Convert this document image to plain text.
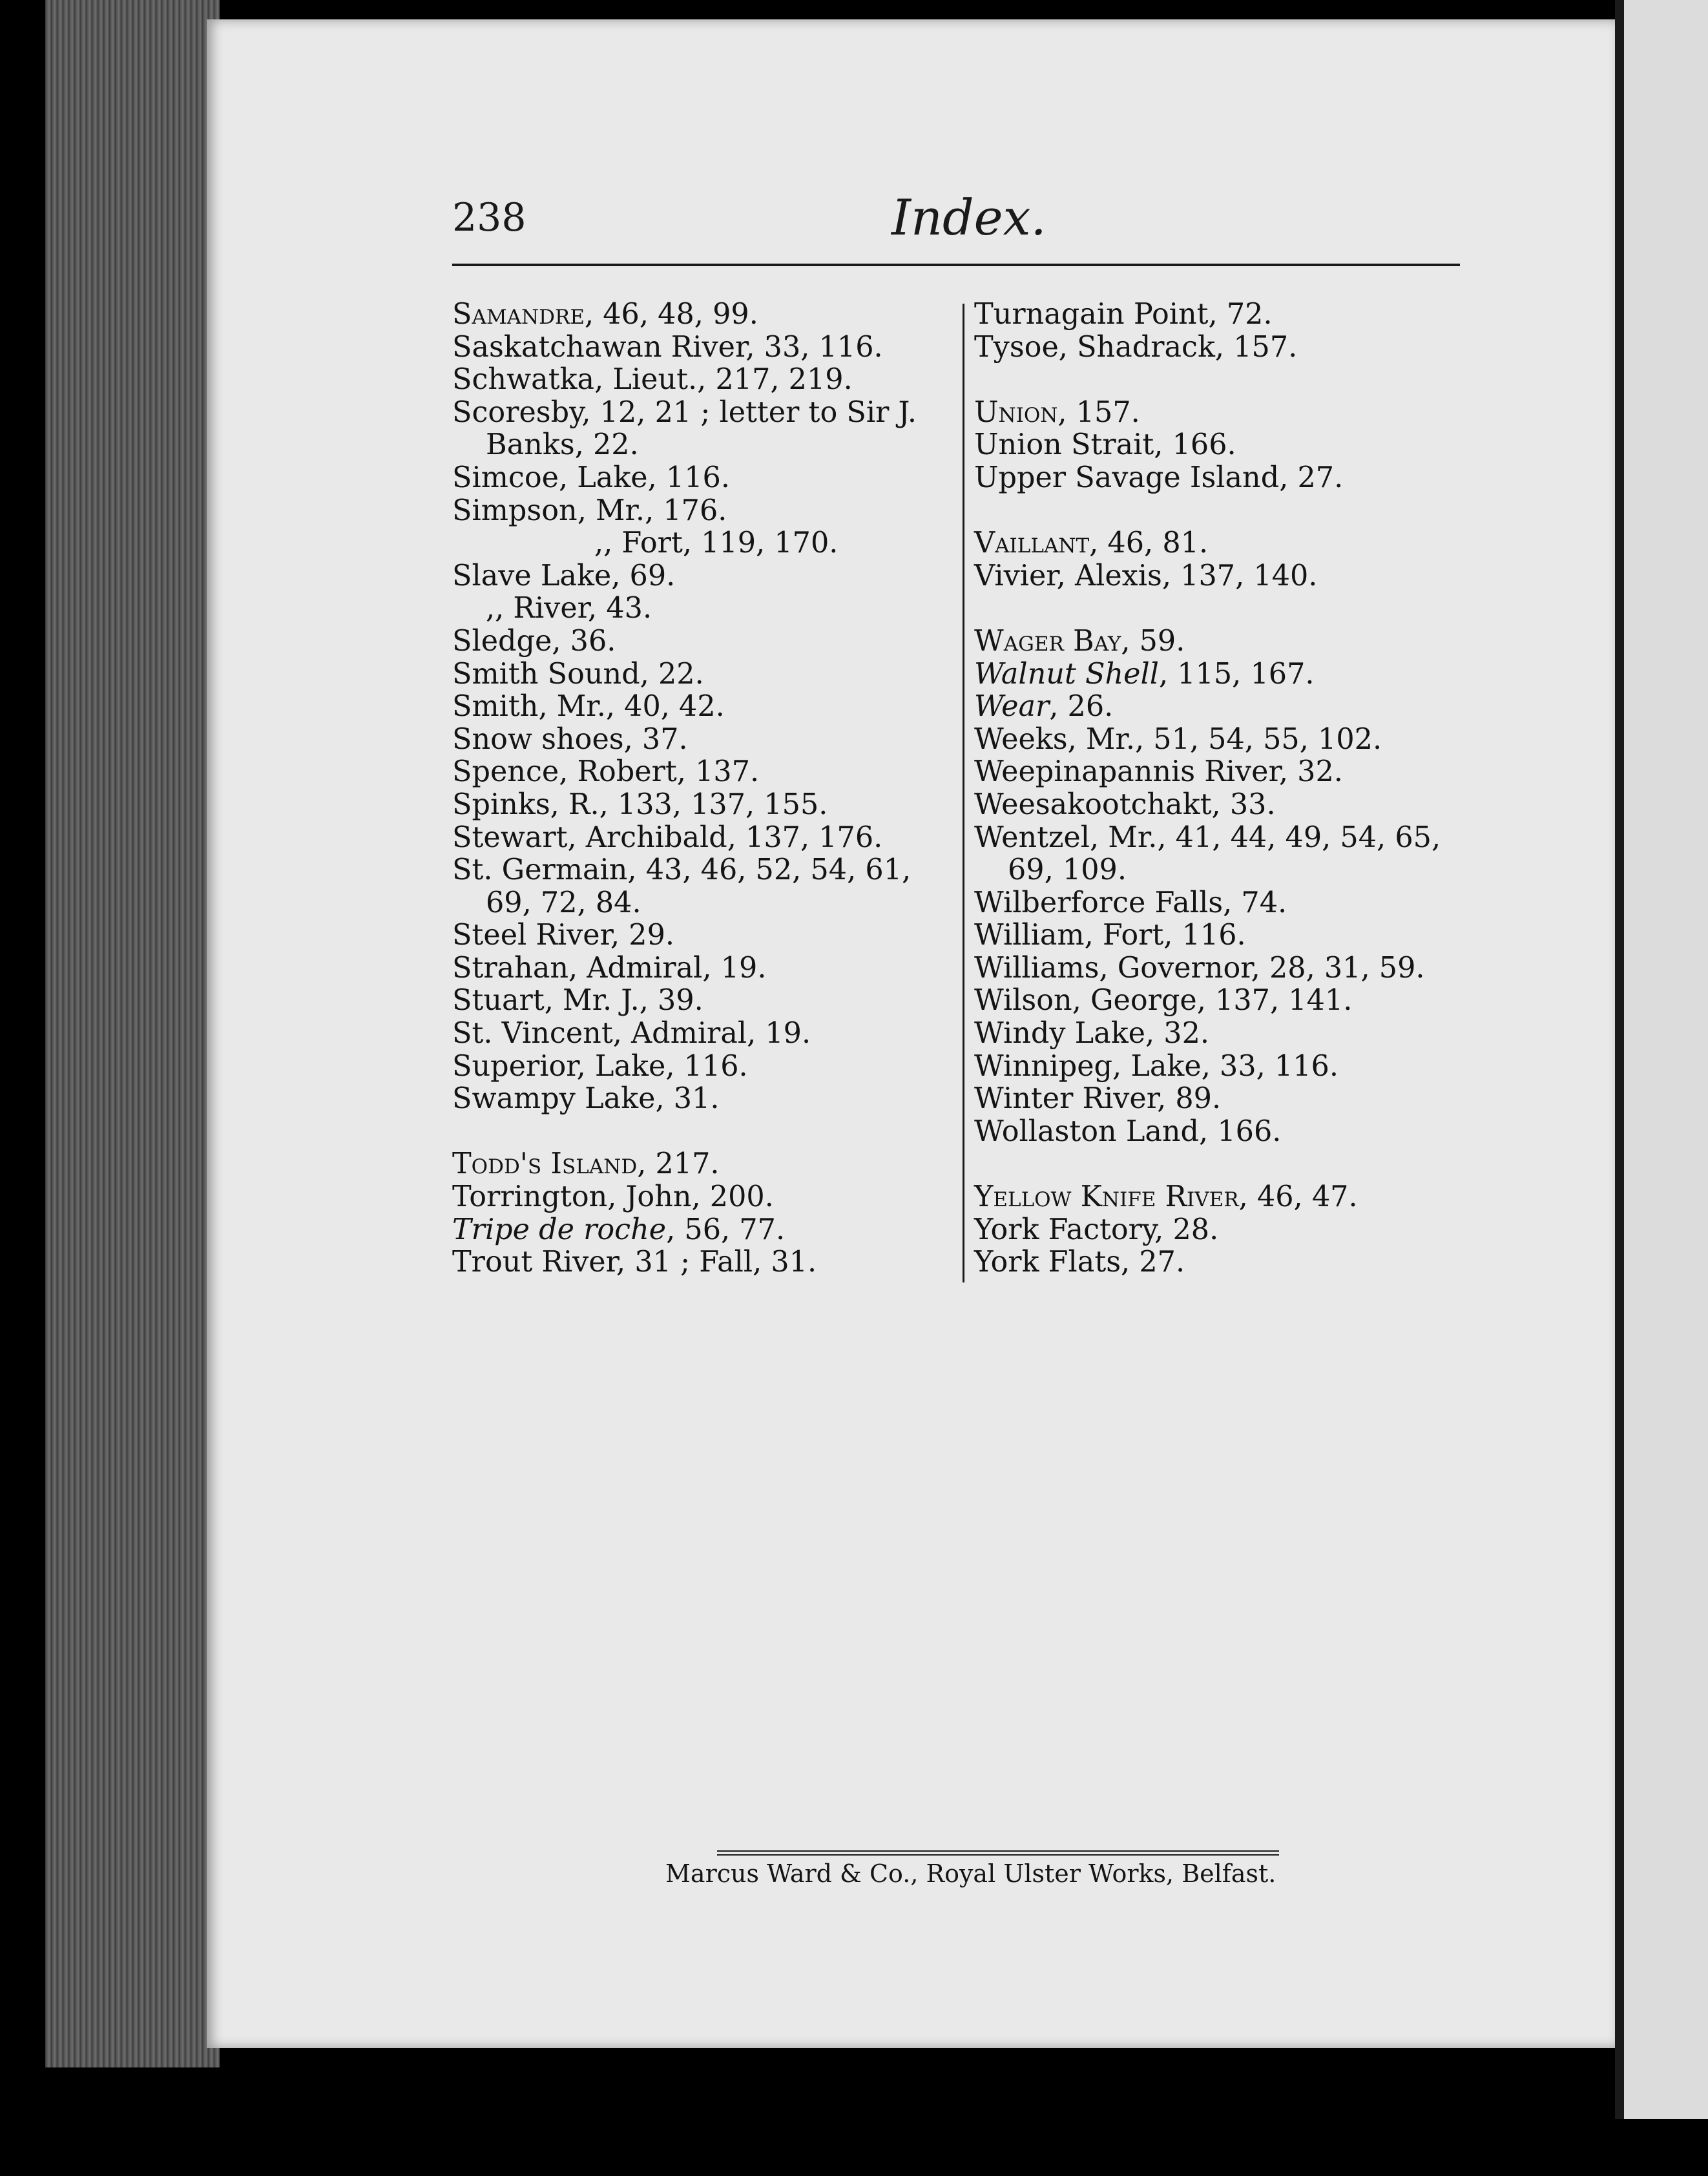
238	Index.
Samandre, 46, 48, 99.
Saskatchawan River, 33, 116.
Schwatka, Lieut., 217, 219.
Scoresby, 12, 21 ; letter to Sir J.
Banks, 22.
Simcoe, Lake, 116.
Simpson, Mr., 176.
,, Fort, 119, 170.
Slave Lake, 69.
,, River, 43.
Sledge, 36.
Smith Sound, 22.
Smith, Mr., 40, 42.
Snow shoes, 37.
Spence, Robert, 137.
Spinks, R., 133, 137, 155.
Stewart, Archibald, 137, 176.
St. Germain, 43, 46, 52, 54, 61,
69, 72, 84.
Steel River, 29.
Strahan, Admiral, 19.
Stuart, Mr. J., 39.
St. Vincent, Admiral, 19.
Superior, Lake, 116.
Swampy Lake, 31.
Todd's Island, 217.
Torrington, John, 200.
Tripe de roche, 56, 77.
Trout River, 31 ; Fall, 31.
Turnagain Point, 72.
Tysoe, Shadrack, 157.
Union, 157.
Union Strait, 166.
Upper Savage Island, 27.
Vaillant, 46, 81.
Vivier, Alexis, 137, 140.
Wager Bay, 59.
Walnut Shell, 115, 167.
Wear, 26.
Weeks, Mr., 51, 54, 55, 102.
Weepinapannis River, 32.
Weesakootchakt, 33.
Wentzel, Mr., 41, 44, 49, 54, 65,
69, 109.
Wilberforce Falls, 74.
William, Fort, 116.
Williams, Governor, 28, 31, 59.
Wilson, George, 137, 141.
Windy Lake, 32.
Winnipeg, Lake, 33, 116.
Winter River, 89.
Wollaston Land, 166.
Yellow Knife River, 46, 47.
York Factory, 28.
York Flats, 27.
Marcus Ward & Co., Royal Ulster Works, Belfast.
